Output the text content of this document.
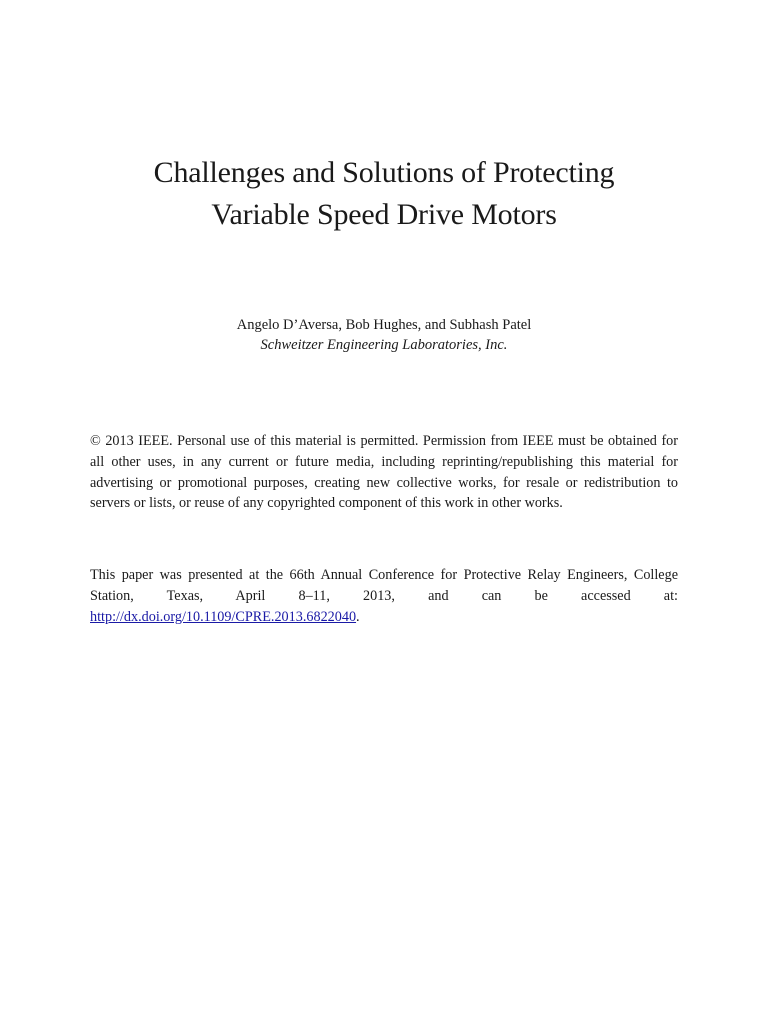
Challenges and Solutions of Protecting
Variable Speed Drive Motors
Angelo D’Aversa, Bob Hughes, and Subhash Patel
Schweitzer Engineering Laboratories, Inc.

© 2013 IEEE. Personal use of this material is permitted. Permission from IEEE must be obtained for all other uses, in any current or future media, including reprinting/republishing this material for advertising or promotional purposes, creating new collective works, for resale or redistribution to servers or lists, or reuse of any copyrighted component of this work in other works.

This paper was presented at the 66th Annual Conference for Protective Relay Engineers, College Station, Texas, April 8–11, 2013, and can be accessed at: http://dx.doi.org/10.1109/CPRE.2013.6822040.
